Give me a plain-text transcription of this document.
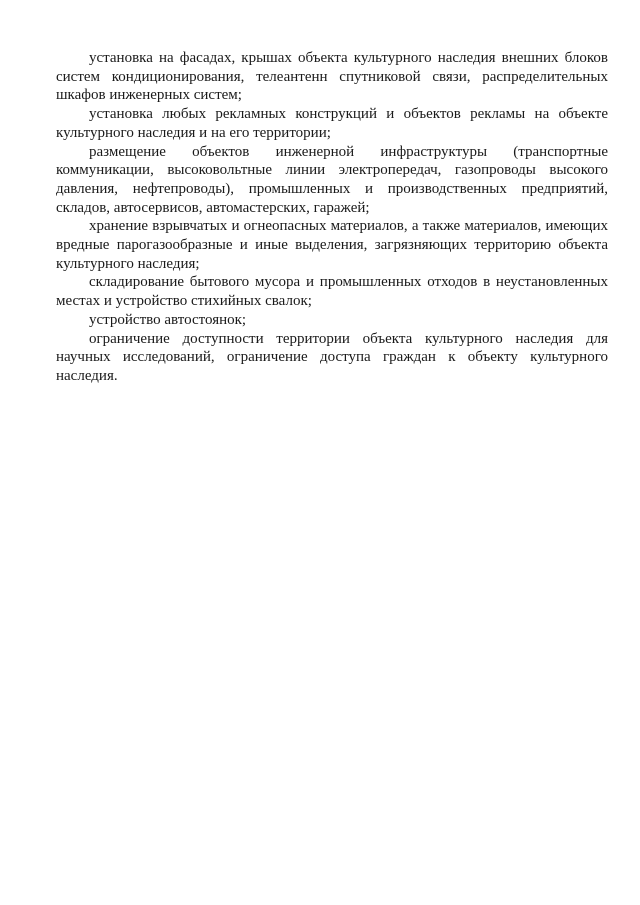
установка на фасадах, крышах объекта культурного наследия внешних блоков систем кондиционирования, телеантенн спутниковой связи, распределительных шкафов инженерных систем;

установка любых рекламных конструкций и объектов рекламы на объекте культурного наследия и на его территории;

размещение объектов инженерной инфраструктуры (транспортные коммуникации, высоковольтные линии электропередач, газопроводы высокого давления, нефтепроводы), промышленных и производственных предприятий, складов, автосервисов, автомастерских, гаражей;

хранение взрывчатых и огнеопасных материалов, а также материалов, имеющих вредные парогазообразные и иные выделения, загрязняющих территорию объекта культурного наследия;

складирование бытового мусора и промышленных отходов в неустановленных местах и устройство стихийных свалок;

устройство автостоянок;

ограничение доступности территории объекта культурного наследия для научных исследований, ограничение доступа граждан к объекту культурного наследия.
